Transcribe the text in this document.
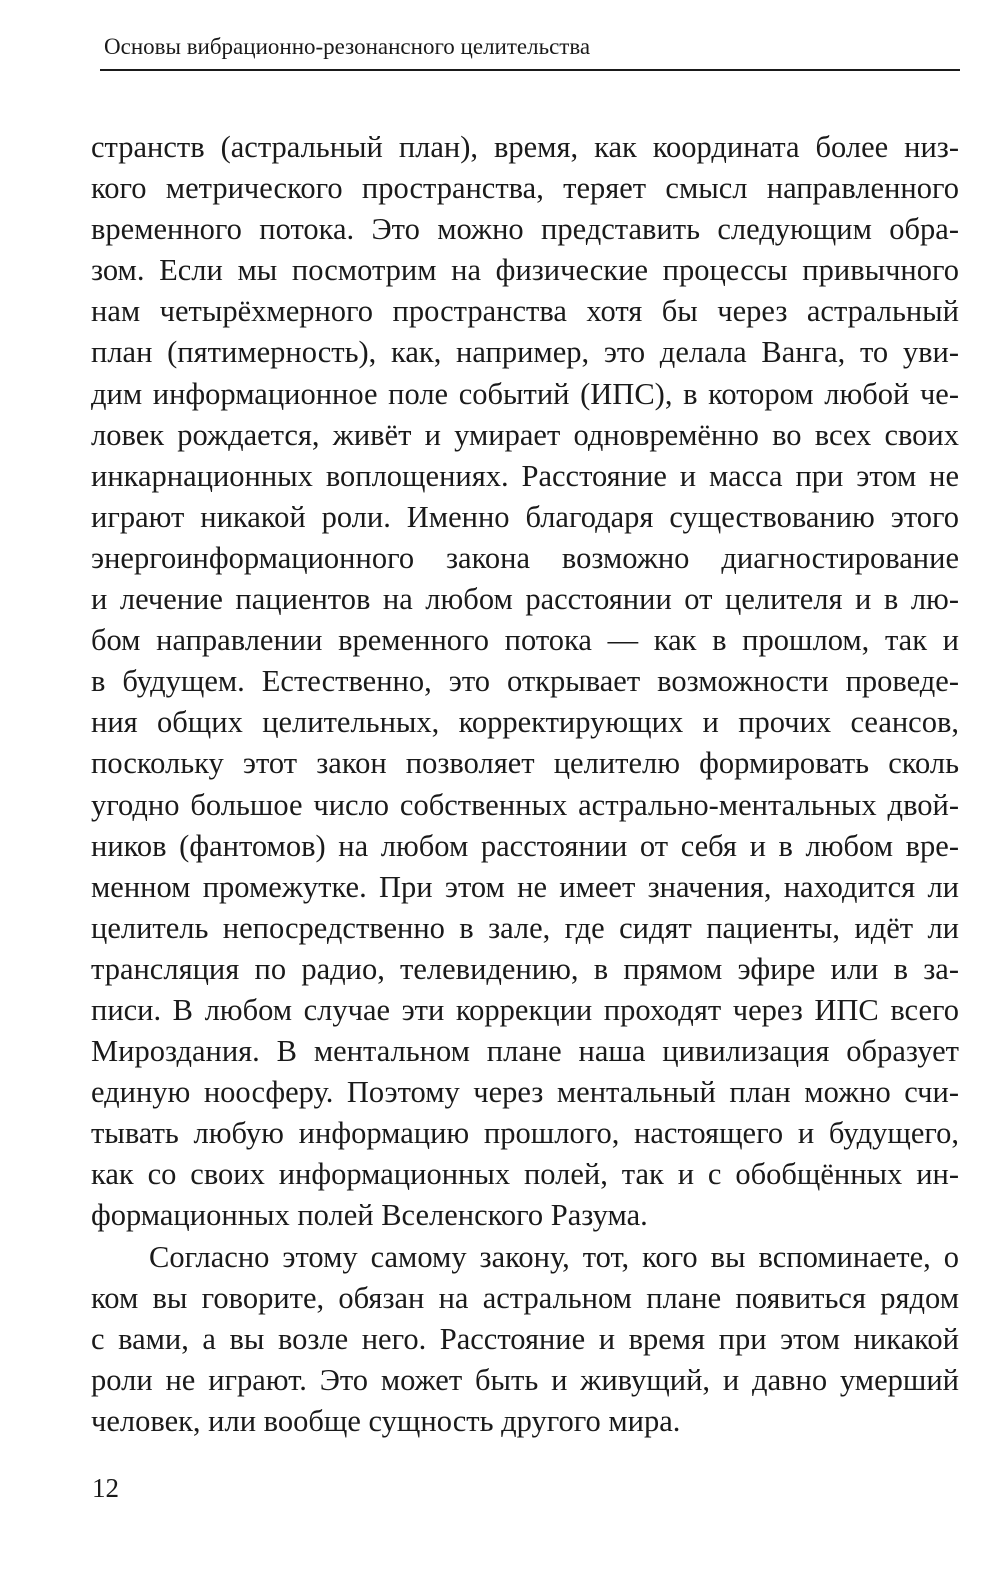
Основы вибрационно-резонансного целительства

странств (астральный план), время, как координата более низ-
кого метрического пространства, теряет смысл направленного
временного потока. Это можно представить следующим обра-
зом. Если мы посмотрим на физические процессы привычного
нам четырёхмерного пространства хотя бы через астральный
план (пятимерность), как, например, это делала Ванга, то уви-
дим информационное поле событий (ИПС), в котором любой че-
ловек рождается, живёт и умирает одновремённо во всех своих
инкарнационных воплощениях. Расстояние и масса при этом не
играют никакой роли. Именно благодаря существованию этого
энергоинформационного закона возможно диагностирование
и лечение пациентов на любом расстоянии от целителя и в лю-
бом направлении временного потока — как в прошлом, так и
в будущем. Естественно, это открывает возможности проведе-
ния общих целительных, корректирующих и прочих сеансов,
поскольку этот закон позволяет целителю формировать сколь
угодно большое число собственных астрально-ментальных двой-
ников (фантомов) на любом расстоянии от себя и в любом вре-
менном промежутке. При этом не имеет значения, находится ли
целитель непосредственно в зале, где сидят пациенты, идёт ли
трансляция по радио, телевидению, в прямом эфире или в за-
писи. В любом случае эти коррекции проходят через ИПС всего
Мироздания. В ментальном плане наша цивилизация образует
единую ноосферу. Поэтому через ментальный план можно счи-
тывать любую информацию прошлого, настоящего и будущего,
как со своих информационных полей, так и с обобщённых ин-
формационных полей Вселенского Разума.

Согласно этому самому закону, тот, кого вы вспоминаете, о
ком вы говорите, обязан на астральном плане появиться рядом
с вами, а вы возле него. Расстояние и время при этом никакой
роли не играют. Это может быть и живущий, и давно умерший
человек, или вообще сущность другого мира.

12
